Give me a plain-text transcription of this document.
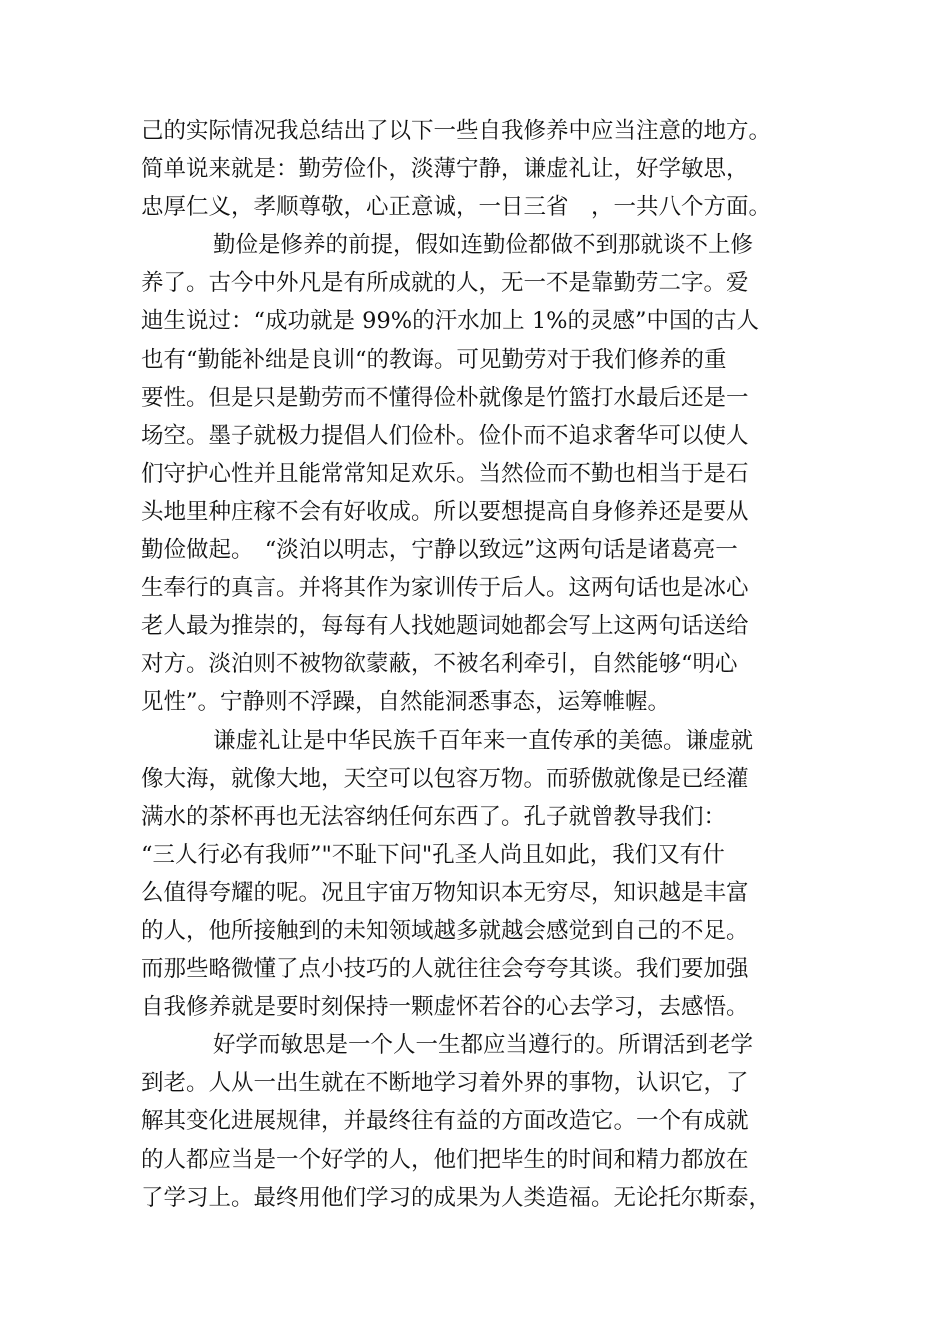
己的实际情况我总结出了以下一些自我修养中应当注意的地方。
简单说来就是：勤劳俭仆，淡薄宁静，谦虚礼让，好学敏思，
忠厚仁义，孝顺尊敬，心正意诚，一日三省　，一共八个方面。
勤俭是修养的前提，假如连勤俭都做不到那就谈不上修
养了。古今中外凡是有所成就的人，无一不是靠勤劳二字。爱
迪生说过：“成功就是 99%的汗水加上 1%的灵感”中国的古人
也有“勤能补绌是良训“的教诲。可见勤劳对于我们修养的重
要性。但是只是勤劳而不懂得俭朴就像是竹篮打水最后还是一
场空。墨子就极力提倡人们俭朴。俭仆而不追求奢华可以使人
们守护心性并且能常常知足欢乐。当然俭而不勤也相当于是石
头地里种庄稼不会有好收成。所以要想提高自身修养还是要从
勤俭做起。　“淡泊以明志，宁静以致远”这两句话是诸葛亮一
生奉行的真言。并将其作为家训传于后人。这两句话也是冰心
老人最为推崇的，每每有人找她题词她都会写上这两句话送给
对方。淡泊则不被物欲蒙蔽，不被名利牵引，自然能够“明心
见性”。宁静则不浮躁，自然能洞悉事态，运筹帷幄。
谦虚礼让是中华民族千百年来一直传承的美德。谦虚就
像大海，就像大地，天空可以包容万物。而骄傲就像是已经灌
满水的茶杯再也无法容纳任何东西了。孔子就曾教导我们：
“三人行必有我师”"不耻下问"孔圣人尚且如此，我们又有什
么值得夸耀的呢。况且宇宙万物知识本无穷尽，知识越是丰富
的人，他所接触到的未知领域越多就越会感觉到自己的不足。
而那些略微懂了点小技巧的人就往往会夸夸其谈。我们要加强
自我修养就是要时刻保持一颗虚怀若谷的心去学习，去感悟。
好学而敏思是一个人一生都应当遵行的。所谓活到老学
到老。人从一出生就在不断地学习着外界的事物，认识它，了
解其变化进展规律，并最终往有益的方面改造它。一个有成就
的人都应当是一个好学的人，他们把毕生的时间和精力都放在
了学习上。最终用他们学习的成果为人类造福。无论托尔斯泰，
